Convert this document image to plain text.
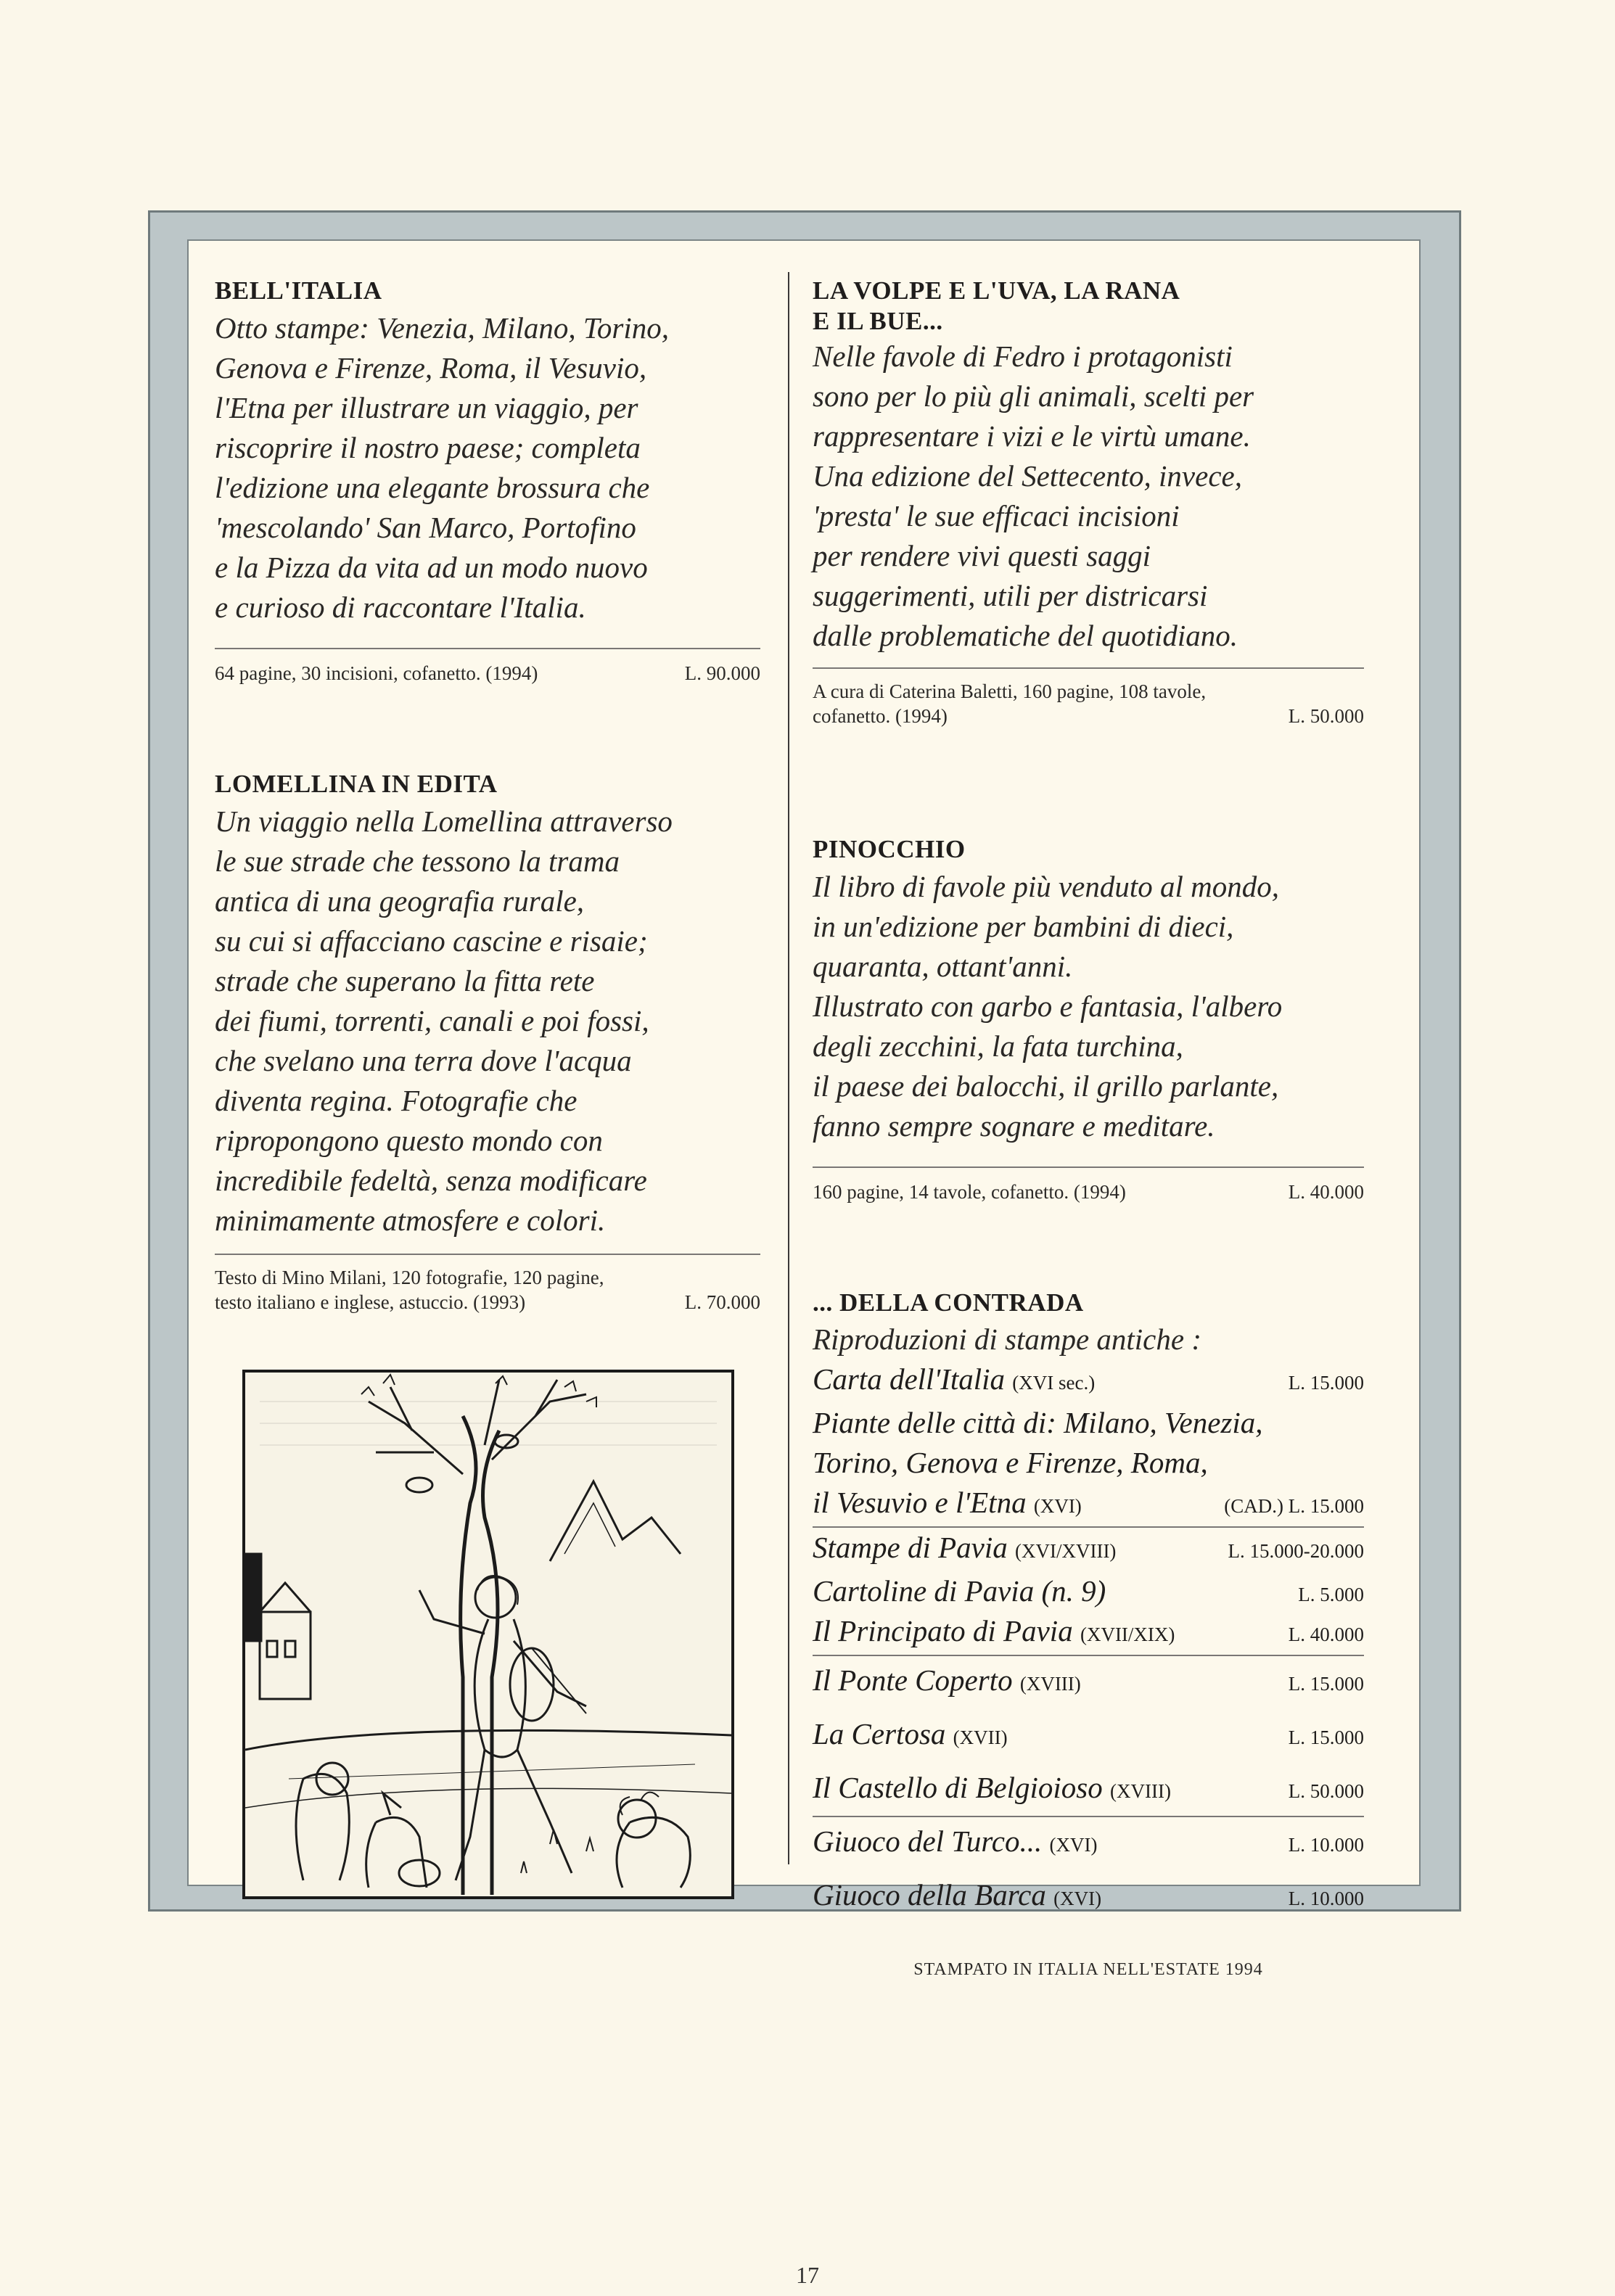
BELL'ITALIA

Otto stampe: Venezia, Milano, Torino,
Genova e Firenze, Roma, il Vesuvio,
l'Etna per illustrare un viaggio, per
riscoprire il nostro paese; completa
l'edizione una elegante brossura che
'mescolando' San Marco, Portofino
e la Pizza da vita ad un modo nuovo
e curioso di raccontare l'Italia.

64 pagine, 30 incisioni, cofanetto. (1994)	L. 90.000

LOMELLINA IN EDITA

Un viaggio nella Lomellina attraverso
le sue strade che tessono la trama
antica di una geografia rurale,
su cui si affacciano cascine e risaie;
strade che superano la fitta rete
dei fiumi, torrenti, canali e poi fossi,
che svelano una terra dove l'acqua
diventa regina. Fotografie che
ripropongono questo mondo con
incredibile fedeltà, senza modificare
minimamente atmosfere e colori.

Testo di Mino Milani, 120 fotografie, 120 pagine,
testo italiano e inglese, astuccio. (1993)	L. 70.000

LA VOLPE E L'UVA, LA RANA
E IL BUE...

Nelle favole di Fedro i protagonisti
sono per lo più gli animali, scelti per
rappresentare i vizi e le virtù umane.
Una edizione del Settecento, invece,
'presta' le sue efficaci incisioni
per rendere vivi questi saggi
suggerimenti, utili per districarsi
dalle problematiche del quotidiano.

A cura di Caterina Baletti, 160 pagine, 108 tavole,
cofanetto. (1994)	L. 50.000

PINOCCHIO

Il libro di favole più venduto al mondo,
in un'edizione per bambini di dieci,
quaranta, ottant'anni.
Illustrato con garbo e fantasia, l'albero
degli zecchini, la fata turchina,
il paese dei balocchi, il grillo parlante,
fanno sempre sognare e meditare.

160 pagine, 14 tavole, cofanetto. (1994)	L. 40.000

... DELLA CONTRADA

Riproduzioni di stampe antiche :

Carta dell'Italia (XVI sec.)	L. 15.000
Piante delle città di: Milano, Venezia,
Torino, Genova e Firenze, Roma,
il Vesuvio e l'Etna (XVI)	(CAD.) L. 15.000
Stampe di Pavia (XVI/XVIII)	L. 15.000-20.000
Cartoline di Pavia (n. 9)	L. 5.000
Il Principato di Pavia (XVII/XIX)	L. 40.000
Il Ponte Coperto (XVIII)	L. 15.000
La Certosa (XVII)	L. 15.000
Il Castello di Belgioioso (XVIII)	L. 50.000
Giuoco del Turco... (XVI)	L. 10.000
Giuoco della Barca (XVI)	L. 10.000
STAMPATO IN ITALIA NELL'ESTATE 1994
17
